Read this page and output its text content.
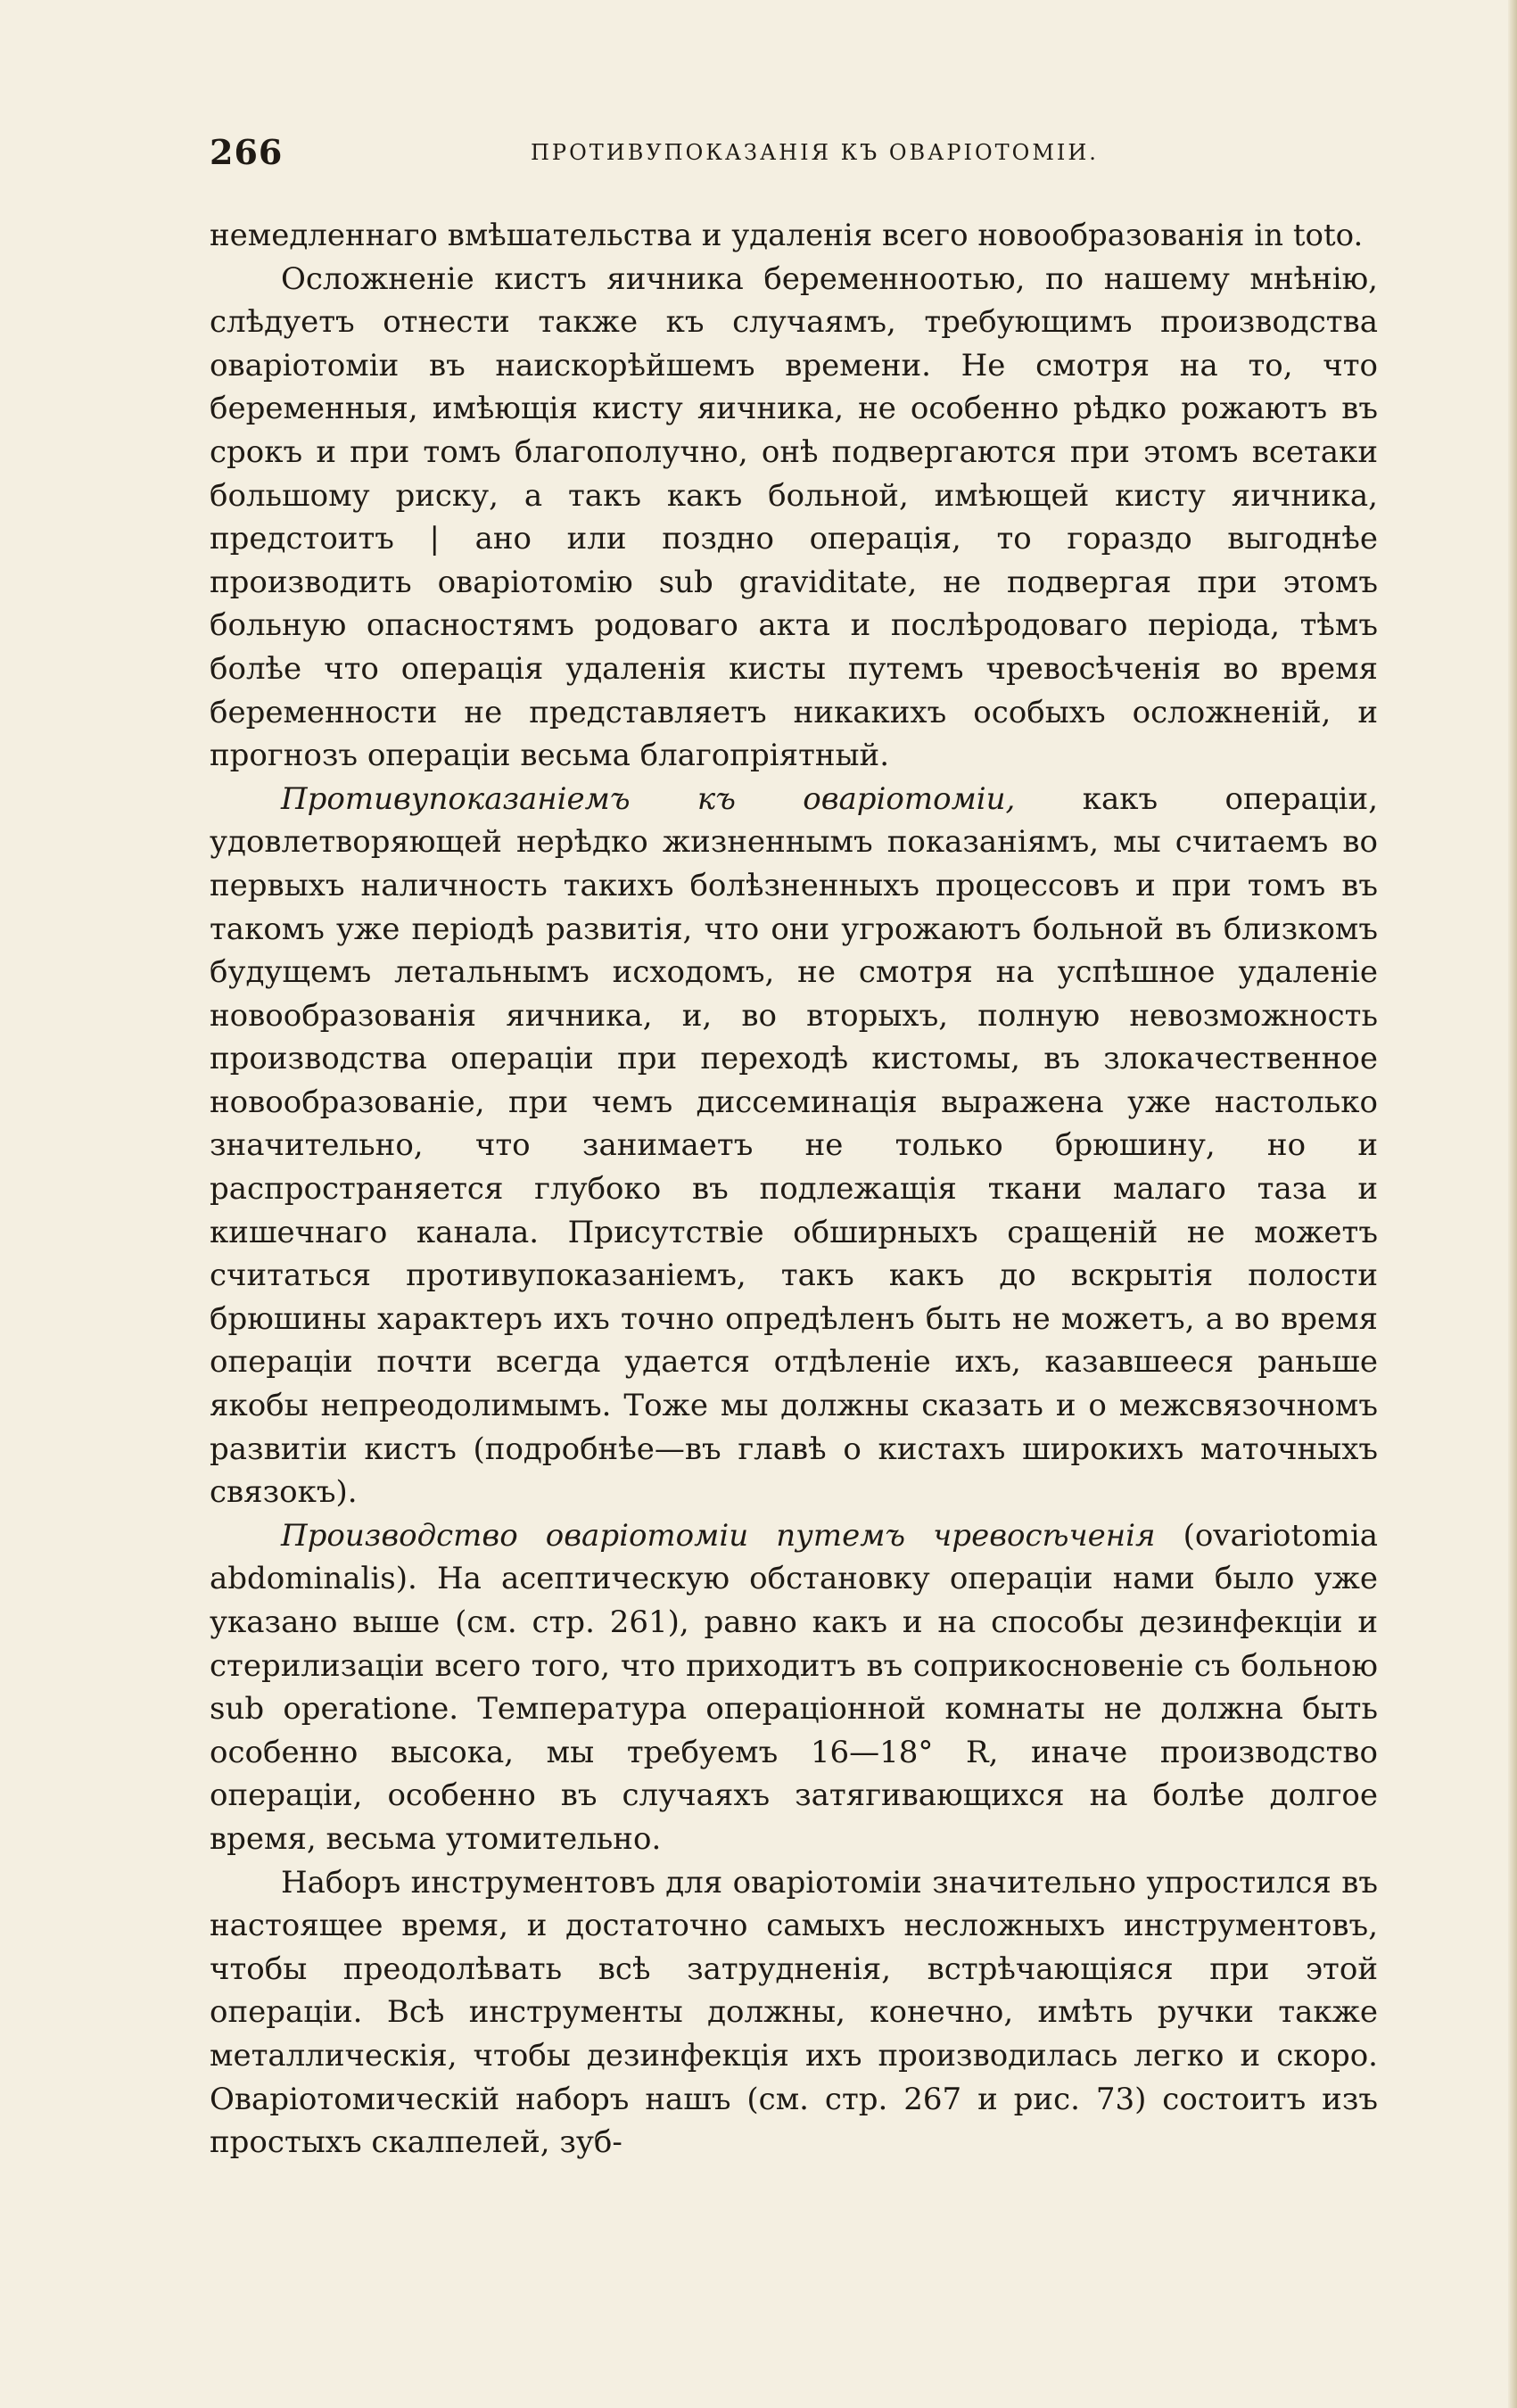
266	ПРОТИВУПОКАЗАНІЯ КЪ ОВАРІОТОМІИ.

немедленнаго вмѣшательства и удаленія всего новообразованія in toto.

Осложненіе кистъ яичника беременноотью, по нашему мнѣнію, слѣдуетъ отнести также къ случаямъ, требующимъ производства оваріотоміи въ наискорѣйшемъ времени. Не смотря на то, что беременныя, имѣющія кисту яичника, не особенно рѣдко рожаютъ въ срокъ и при томъ благополучно, онѣ подвергаются при этомъ всетаки большому риску, а такъ какъ больной, имѣющей кисту яичника, предстоитъ | ано или поздно операція, то гораздо выгоднѣе производить оваріотомію sub graviditate, не подвергая при этомъ больную опасностямъ родоваго акта и послѣродоваго періода, тѣмъ болѣе что операція удаленія кисты путемъ чревосѣченія во время беременности не представляетъ никакихъ особыхъ осложненій, и прогнозъ операціи весьма благопріятный.

Противупоказаніемъ къ оваріотоміи, какъ операціи, удовлетворяющей нерѣдко жизненнымъ показаніямъ, мы считаемъ во первыхъ наличность такихъ болѣзненныхъ процессовъ и при томъ въ такомъ уже періодѣ развитія, что они угрожаютъ больной въ близкомъ будущемъ летальнымъ исходомъ, не смотря на успѣшное удаленіе новообразованія яичника, и, во вторыхъ, полную невозможность производства операціи при переходѣ кистомы, въ злокачественное новообразованіе, при чемъ диссеминація выражена уже настолько значительно, что занимаетъ не только брюшину, но и распространяется глубоко въ подлежащія ткани малаго таза и кишечнаго канала. Присутствіе обширныхъ сращеній не можетъ считаться противупоказаніемъ, такъ какъ до вскрытія полости брюшины характеръ ихъ точно опредѣленъ быть не можетъ, а во время операціи почти всегда удается отдѣленіе ихъ, казавшееся раньше якобы непреодолимымъ. Тоже мы должны сказать и о межсвязочномъ развитіи кистъ (подробнѣе—въ главѣ о кистахъ широкихъ маточныхъ связокъ).

Производство оваріотоміи путемъ чревосѣченія (ovariotomia abdominalis). На асептическую обстановку операціи нами было уже указано выше (см. стр. 261), равно какъ и на способы дезинфекціи и стерилизаціи всего того, что приходитъ въ соприкосновеніе съ больною sub operatione. Температура операціонной комнаты не должна быть особенно высока, мы требуемъ 16—18° R, иначе производство операціи, особенно въ случаяхъ затягивающихся на болѣе долгое время, весьма утомительно.

Наборъ инструментовъ для оваріотоміи значительно упростился въ настоящее время, и достаточно самыхъ несложныхъ инструментовъ, чтобы преодолѣвать всѣ затрудненія, встрѣчающіяся при этой операціи. Всѣ инструменты должны, конечно, имѣть ручки также металлическія, чтобы дезинфекція ихъ производилась легко и скоро. Оваріотомическій наборъ нашъ (см. стр. 267 и рис. 73) состоитъ изъ простыхъ скалпелей, зуб-
